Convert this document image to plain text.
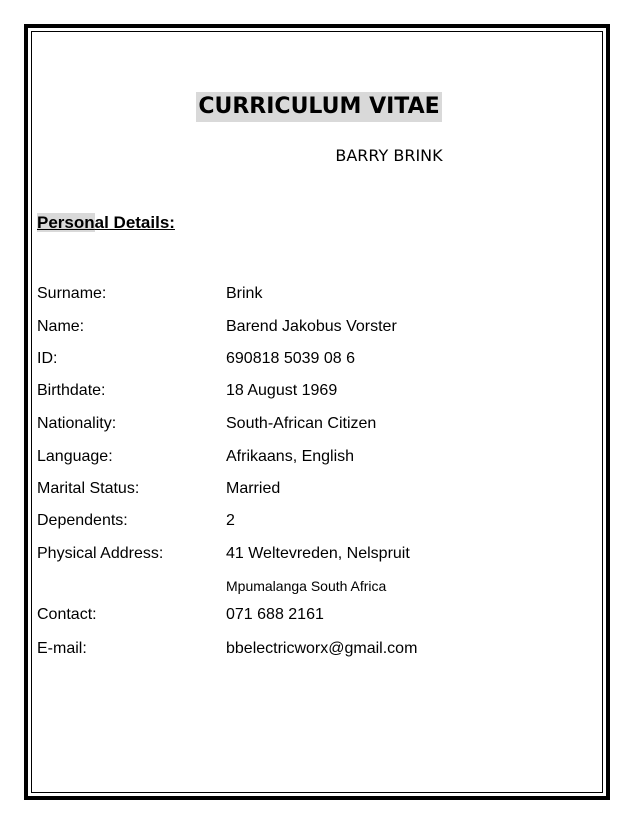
CURRICULUM VITAE
BARRY BRINK
Personal Details:
Surname:	Brink
Name:	Barend Jakobus Vorster
ID:	690818 5039 08 6
Birthdate:	18 August 1969
Nationality:	South-African Citizen
Language:	Afrikaans, English
Marital Status:	Married
Dependents:	2
Physical Address:	41 Weltevreden, Nelspruit
Mpumalanga South Africa
Contact:	071 688 2161
E-mail:	bbelectricworx@gmail.com
